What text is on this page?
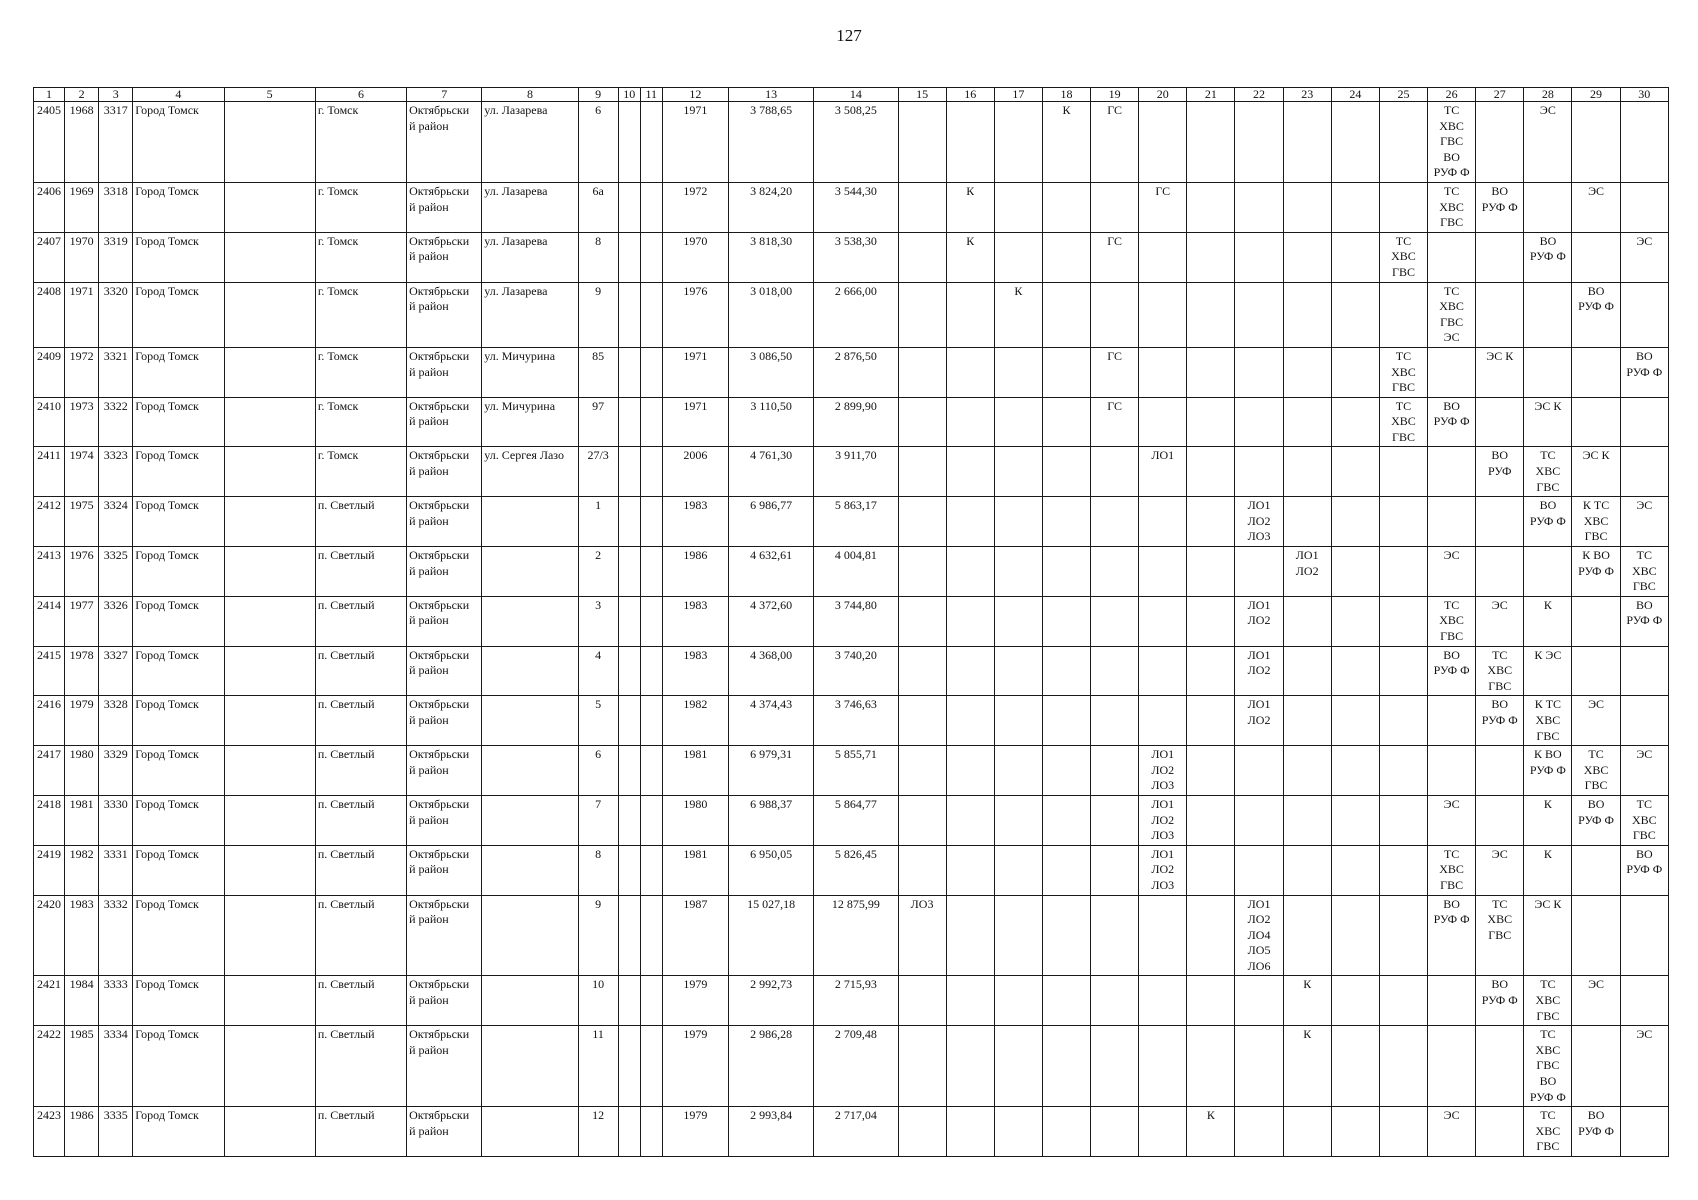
127
1	2	3	4	5	6	7	8	9	10	11	12	13	14	15	16	17	18	19	20	21	22	23	24	25	26	27	28	29	30
2405	1968	3317	Город Томск		г. Томск	Октябрьски
й район	ул. Лазарева	6			1971	3 788,65	3 508,25				К	ГС							ТС
ХВС
ГВС
ВО
РУФ Ф		ЭС		
2406	1969	3318	Город Томск		г. Томск	Октябрьски
й район	ул. Лазарева	6а			1972	3 824,20	3 544,30		К				ГС						ТС
ХВС
ГВС	ВО
РУФ Ф		ЭС	
2407	1970	3319	Город Томск		г. Томск	Октябрьски
й район	ул. Лазарева	8			1970	3 818,30	3 538,30		К			ГС						ТС
ХВС
ГВС			ВО
РУФ Ф		ЭС
2408	1971	3320	Город Томск		г. Томск	Октябрьски
й район	ул. Лазарева	9			1976	3 018,00	2 666,00			К									ТС
ХВС
ГВС
ЭС			ВО
РУФ Ф	
2409	1972	3321	Город Томск		г. Томск	Октябрьски
й район	ул. Мичурина	85			1971	3 086,50	2 876,50					ГС						ТС
ХВС
ГВС		ЭС К			ВО
РУФ Ф
2410	1973	3322	Город Томск		г. Томск	Октябрьски
й район	ул. Мичурина	97			1971	3 110,50	2 899,90					ГС						ТС
ХВС
ГВС	ВО
РУФ Ф		ЭС К		
2411	1974	3323	Город Томск		г. Томск	Октябрьски
й район	ул. Сергея Лазо	27/3			2006	4 761,30	3 911,70						ЛО1							ВО
РУФ	ТС
ХВС
ГВС	ЭС К	
2412	1975	3324	Город Томск		п. Светлый	Октябрьски
й район		1			1983	6 986,77	5 863,17								ЛО1
ЛО2
ЛО3						ВО
РУФ Ф	К ТС
ХВС
ГВС	ЭС
2413	1976	3325	Город Томск		п. Светлый	Октябрьски
й район		2			1986	4 632,61	4 004,81									ЛО1
ЛО2			ЭС			К ВО
РУФ Ф	ТС
ХВС
ГВС
2414	1977	3326	Город Томск		п. Светлый	Октябрьски
й район		3			1983	4 372,60	3 744,80								ЛО1
ЛО2				ТС
ХВС
ГВС	ЭС	К		ВО
РУФ Ф
2415	1978	3327	Город Томск		п. Светлый	Октябрьски
й район		4			1983	4 368,00	3 740,20								ЛО1
ЛО2				ВО
РУФ Ф	ТС
ХВС
ГВС	К ЭС		
2416	1979	3328	Город Томск		п. Светлый	Октябрьски
й район		5			1982	4 374,43	3 746,63								ЛО1
ЛО2					ВО
РУФ Ф	К ТС
ХВС
ГВС	ЭС	
2417	1980	3329	Город Томск		п. Светлый	Октябрьски
й район		6			1981	6 979,31	5 855,71						ЛО1
ЛО2
ЛО3								К ВО
РУФ Ф	ТС
ХВС
ГВС	ЭС
2418	1981	3330	Город Томск		п. Светлый	Октябрьски
й район		7			1980	6 988,37	5 864,77						ЛО1
ЛО2
ЛО3						ЭС		К	ВО
РУФ Ф	ТС
ХВС
ГВС
2419	1982	3331	Город Томск		п. Светлый	Октябрьски
й район		8			1981	6 950,05	5 826,45						ЛО1
ЛО2
ЛО3						ТС
ХВС
ГВС	ЭС	К		ВО
РУФ Ф
2420	1983	3332	Город Томск		п. Светлый	Октябрьски
й район		9			1987	15 027,18	12 875,99	ЛО3							ЛО1
ЛО2
ЛО4
ЛО5
ЛО6				ВО
РУФ Ф	ТС
ХВС
ГВС	ЭС К		
2421	1984	3333	Город Томск		п. Светлый	Октябрьски
й район		10			1979	2 992,73	2 715,93									К				ВО
РУФ Ф	ТС
ХВС
ГВС	ЭС	
2422	1985	3334	Город Томск		п. Светлый	Октябрьски
й район		11			1979	2 986,28	2 709,48									К					ТС
ХВС
ГВС
ВО
РУФ Ф		ЭС
2423	1986	3335	Город Томск		п. Светлый	Октябрьски
й район		12			1979	2 993,84	2 717,04							К					ЭС		ТС
ХВС
ГВС	ВО
РУФ Ф	
